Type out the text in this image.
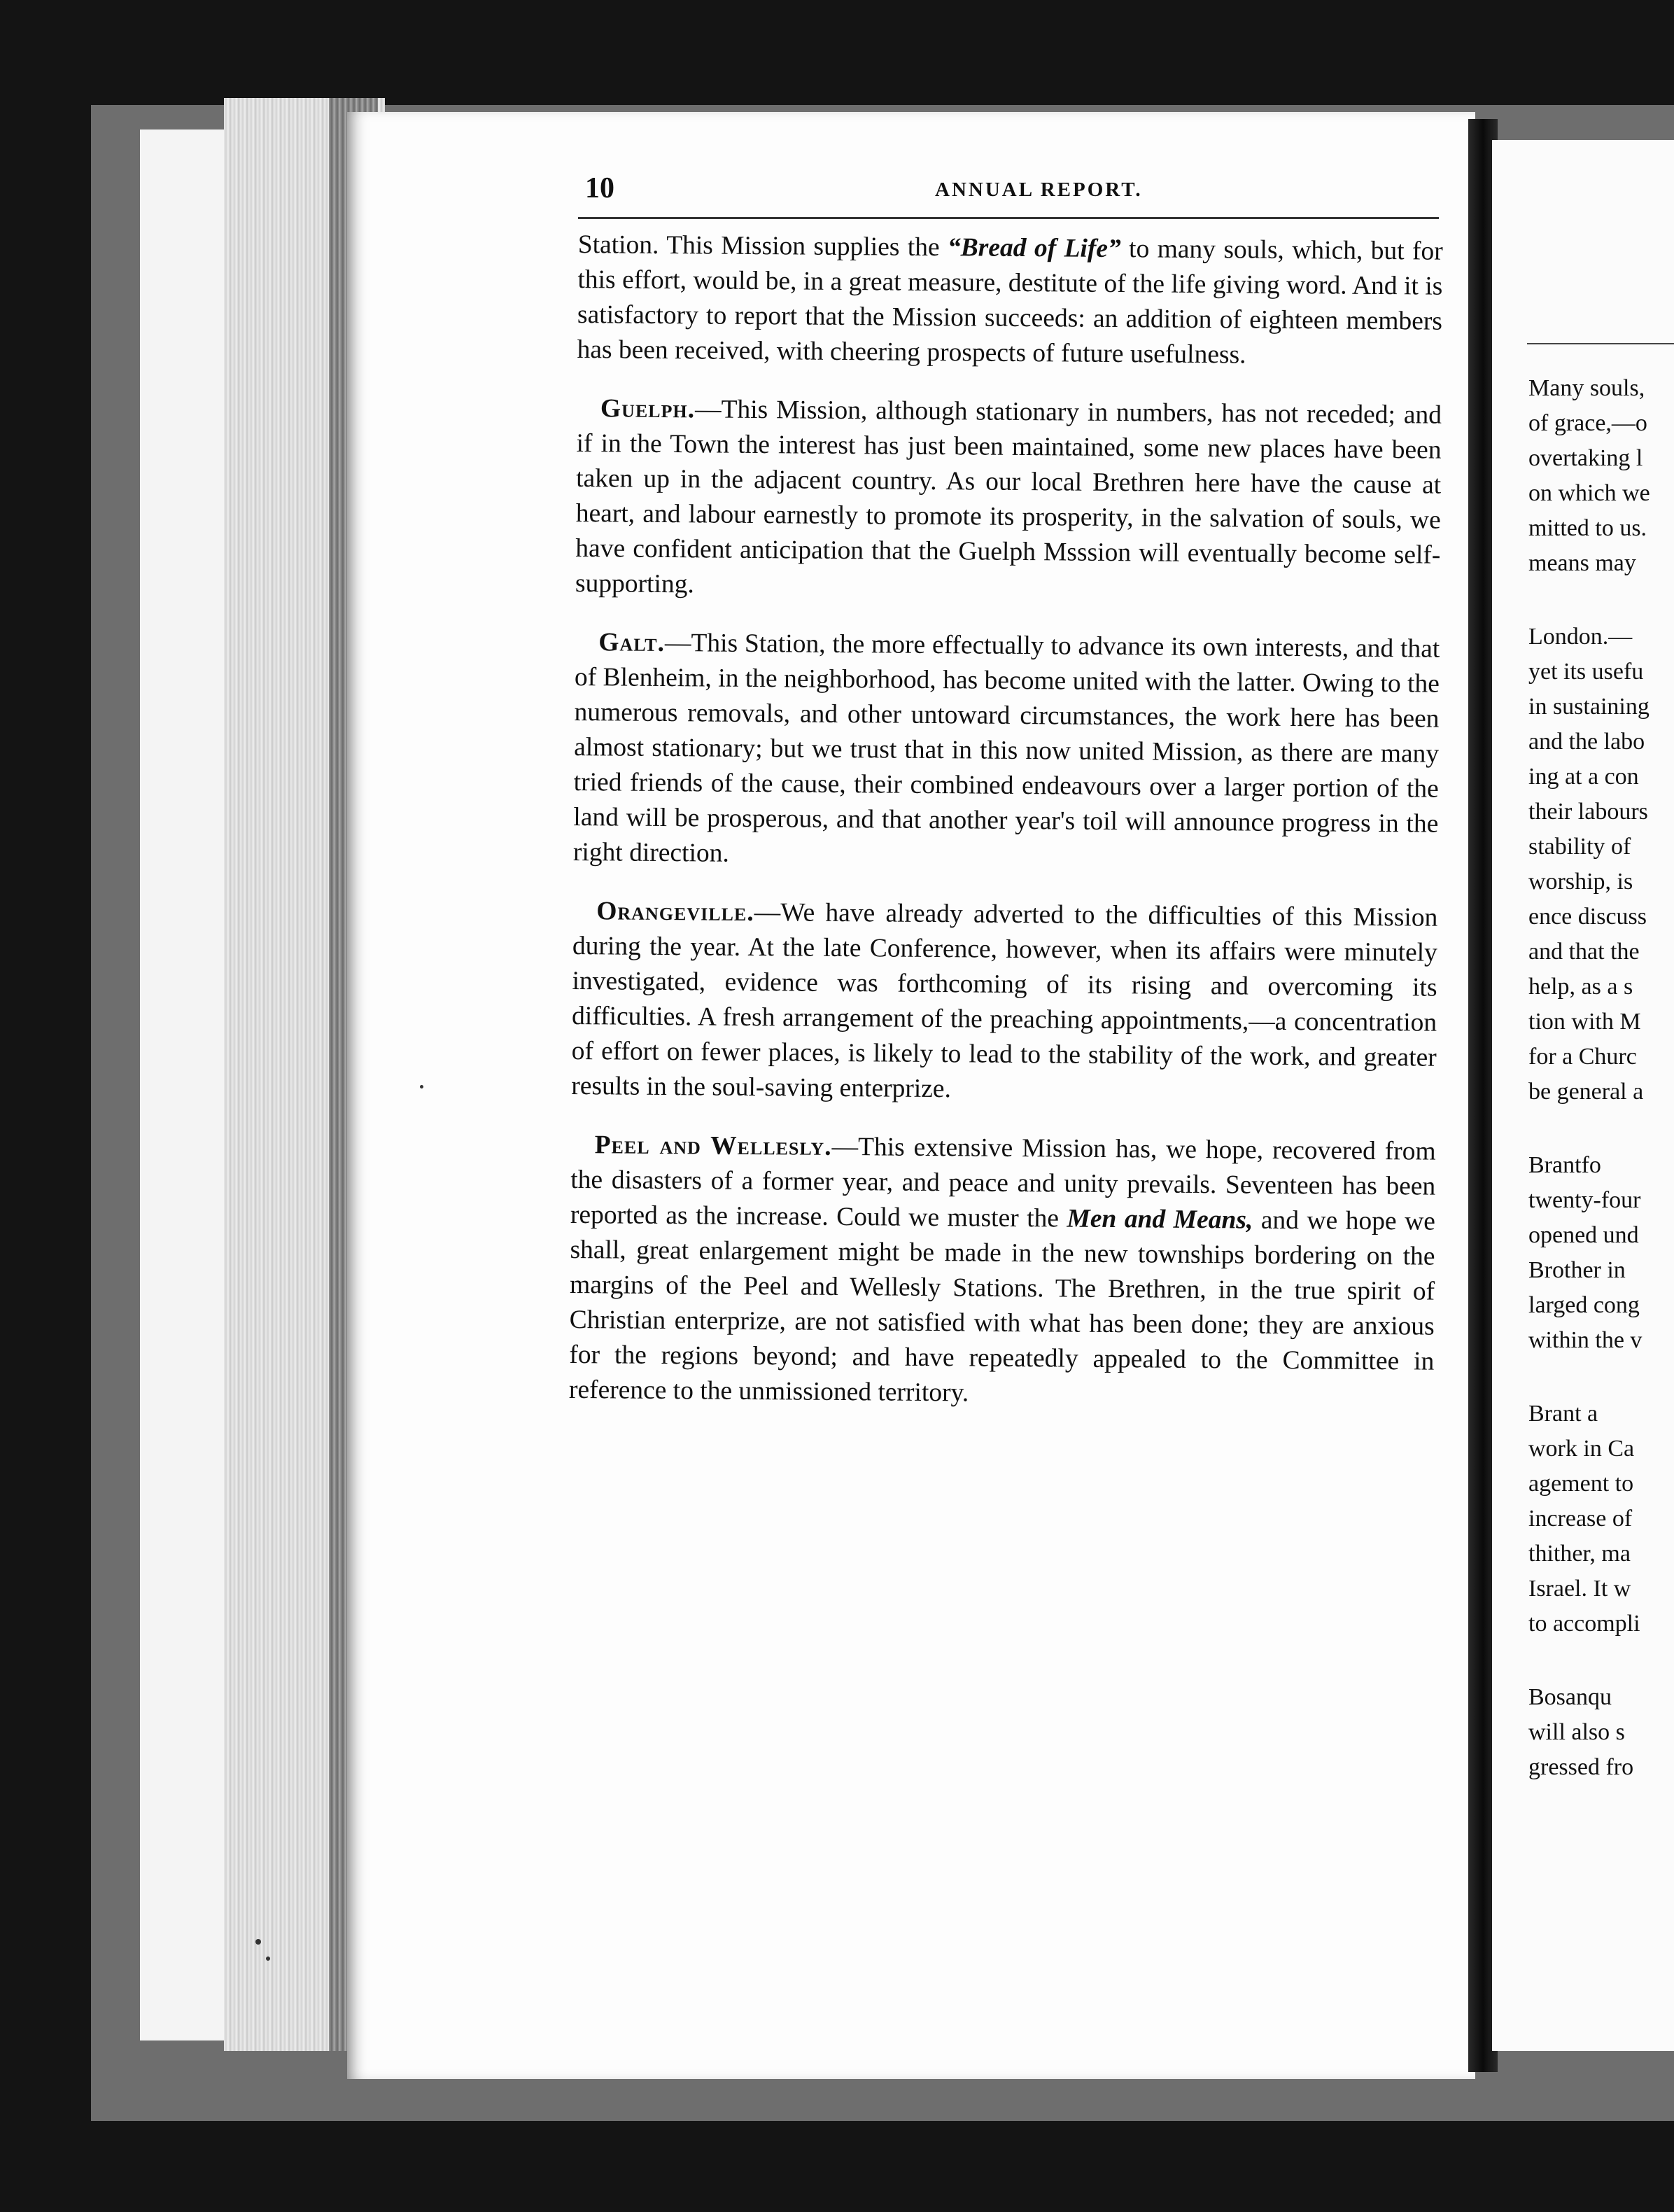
10	ANNUAL REPORT.

Station. This Mission supplies the “Bread of Life” to many souls, which, but for this effort, would be, in a great measure, destitute of the life giving word. And it is satisfactory to report that the Mission succeeds: an addition of eighteen members has been received, with cheering prospects of future usefulness.

Guelph.—This Mission, although stationary in numbers, has not receded; and if in the Town the interest has just been maintained, some new places have been taken up in the adjacent country. As our local Brethren here have the cause at heart, and labour earnestly to promote its prosperity, in the salvation of souls, we have confident anticipation that the Guelph Msssion will eventually become self-supporting.

Galt.—This Station, the more effectually to advance its own interests, and that of Blenheim, in the neighborhood, has become united with the latter. Owing to the numerous removals, and other untoward circumstances, the work here has been almost stationary; but we trust that in this now united Mission, as there are many tried friends of the cause, their combined endeavours over a larger portion of the land will be prosperous, and that another year's toil will announce progress in the right direction.

Orangeville.—We have already adverted to the difficulties of this Mission during the year. At the late Conference, however, when its affairs were minutely investigated, evidence was forthcoming of its rising and overcoming its difficulties. A fresh arrangement of the preaching appointments,—a concentration of effort on fewer places, is likely to lead to the stability of the work, and greater results in the soul-saving enterprize.

Peel and Wellesly.—This extensive Mission has, we hope, recovered from the disasters of a former year, and peace and unity prevails. Seventeen has been reported as the increase. Could we muster the Men and Means, and we hope we shall, great enlargement might be made in the new townships bordering on the margins of the Peel and Wellesly Stations. The Brethren, in the true spirit of Christian enterprize, are not satisfied with what has been done; they are anxious for the regions beyond; and have repeatedly appealed to the Committee in reference to the unmissioned territory.

Many souls,
of grace,—o
overtaking l
on which we
mitted to us.
means may
London.—
yet its usefu
in sustaining
and the labo
ing at a con
their labours
stability of
worship, is
ence discuss
and that the
help, as a s
tion with M
for a Churc
be general a
Brantfo
twenty-four
opened und
Brother in
larged cong
within the v
Brant a
work in Ca
agement to
increase of
thither, ma
Israel. It w
to accompli
Bosanqu
will also s
gressed fro
